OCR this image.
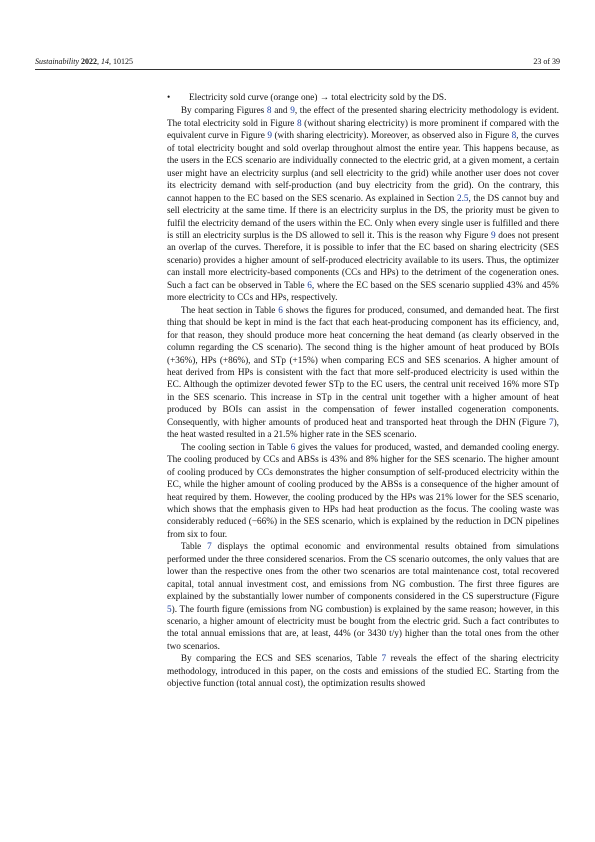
Sustainability 2022, 14, 10125	23 of 39

• Electricity sold curve (orange one) → total electricity sold by the DS.

By comparing Figures 8 and 9, the effect of the presented sharing electricity methodology is evident. The total electricity sold in Figure 8 (without sharing electricity) is more prominent if compared with the equivalent curve in Figure 9 (with sharing electricity). Moreover, as observed also in Figure 8, the curves of total electricity bought and sold overlap throughout almost the entire year. This happens because, as the users in the ECS scenario are individually connected to the electric grid, at a given moment, a certain user might have an electricity surplus (and sell electricity to the grid) while another user does not cover its electricity demand with self-production (and buy electricity from the grid). On the contrary, this cannot happen to the EC based on the SES scenario. As explained in Section 2.5, the DS cannot buy and sell electricity at the same time. If there is an electricity surplus in the DS, the priority must be given to fulfil the electricity demand of the users within the EC. Only when every single user is fulfilled and there is still an electricity surplus is the DS allowed to sell it. This is the reason why Figure 9 does not present an overlap of the curves. Therefore, it is possible to infer that the EC based on sharing electricity (SES scenario) provides a higher amount of self-produced electricity available to its users. Thus, the optimizer can install more electricity-based components (CCs and HPs) to the detriment of the cogeneration ones. Such a fact can be observed in Table 6, where the EC based on the SES scenario supplied 43% and 45% more electricity to CCs and HPs, respectively.

The heat section in Table 6 shows the figures for produced, consumed, and demanded heat. The first thing that should be kept in mind is the fact that each heat-producing component has its efficiency, and, for that reason, they should produce more heat concerning the heat demand (as clearly observed in the column regarding the CS scenario). The second thing is the higher amount of heat produced by BOIs (+36%), HPs (+86%), and STp (+15%) when comparing ECS and SES scenarios. A higher amount of heat derived from HPs is consistent with the fact that more self-produced electricity is used within the EC. Although the optimizer devoted fewer STp to the EC users, the central unit received 16% more STp in the SES scenario. This increase in STp in the central unit together with a higher amount of heat produced by BOIs can assist in the compensation of fewer installed cogeneration components. Consequently, with higher amounts of produced heat and transported heat through the DHN (Figure 7), the heat wasted resulted in a 21.5% higher rate in the SES scenario.

The cooling section in Table 6 gives the values for produced, wasted, and demanded cooling energy. The cooling produced by CCs and ABSs is 43% and 8% higher for the SES scenario. The higher amount of cooling produced by CCs demonstrates the higher consumption of self-produced electricity within the EC, while the higher amount of cooling produced by the ABSs is a consequence of the higher amount of heat required by them. However, the cooling produced by the HPs was 21% lower for the SES scenario, which shows that the emphasis given to HPs had heat production as the focus. The cooling waste was considerably reduced (−66%) in the SES scenario, which is explained by the reduction in DCN pipelines from six to four.

Table 7 displays the optimal economic and environmental results obtained from simulations performed under the three considered scenarios. From the CS scenario outcomes, the only values that are lower than the respective ones from the other two scenarios are total maintenance cost, total recovered capital, total annual investment cost, and emissions from NG combustion. The first three figures are explained by the substantially lower number of components considered in the CS superstructure (Figure 5). The fourth figure (emissions from NG combustion) is explained by the same reason; however, in this scenario, a higher amount of electricity must be bought from the electric grid. Such a fact contributes to the total annual emissions that are, at least, 44% (or 3430 t/y) higher than the total ones from the other two scenarios.

By comparing the ECS and SES scenarios, Table 7 reveals the effect of the sharing electricity methodology, introduced in this paper, on the costs and emissions of the studied EC. Starting from the objective function (total annual cost), the optimization results showed
